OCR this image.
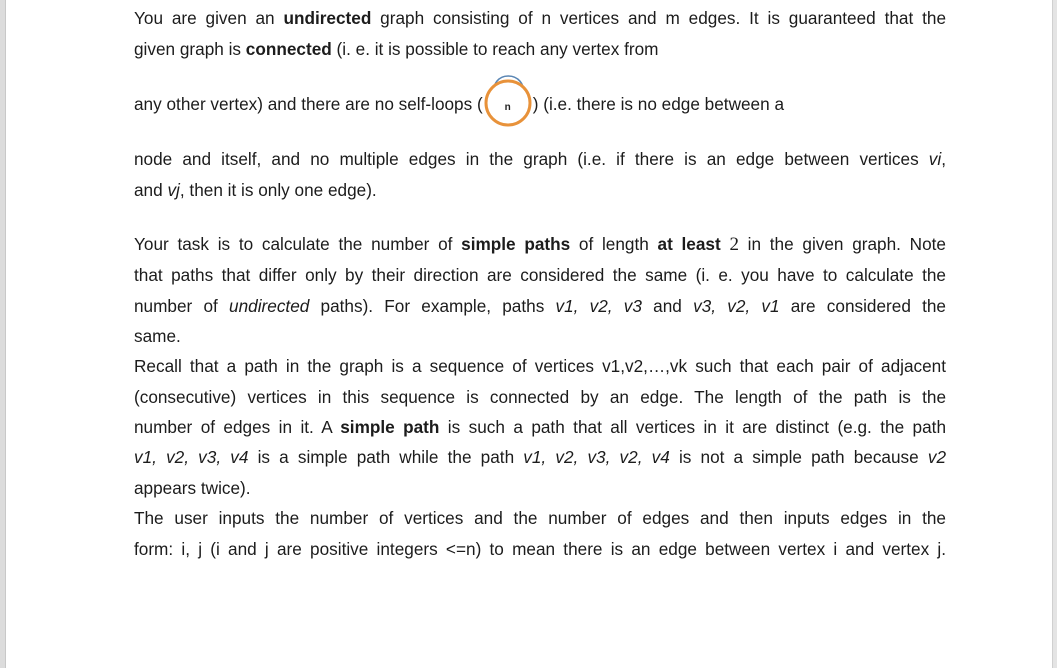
You are given an undirected graph consisting of n vertices and m edges. It is guaranteed that the
given graph is connected (i. e. it is possible to reach any vertex from
any other vertex) and there are no self-loops (	n	) (i.e. there is no edge between a
node and itself, and no multiple edges in the graph (i.e. if there is an edge between vertices vi,
and vj, then it is only one edge).
Your task is to calculate the number of simple paths of length at least 2 in the given graph. Note
that paths that differ only by their direction are considered the same (i. e. you have to calculate the
number of undirected paths). For example, paths v1, v2, v3 and v3, v2, v1 are considered the
same.
Recall that a path in the graph is a sequence of vertices v1,v2,…,vk such that each pair of adjacent
(consecutive) vertices in this sequence is connected by an edge. The length of the path is the
number of edges in it. A simple path is such a path that all vertices in it are distinct (e.g. the path
v1, v2, v3, v4 is a simple path while the path v1, v2, v3, v2, v4 is not a simple path because v2
appears twice).
The user inputs the number of vertices and the number of edges and then inputs edges in the
form: i, j (i and j are positive integers <=n) to mean there is an edge between vertex i and vertex j.
